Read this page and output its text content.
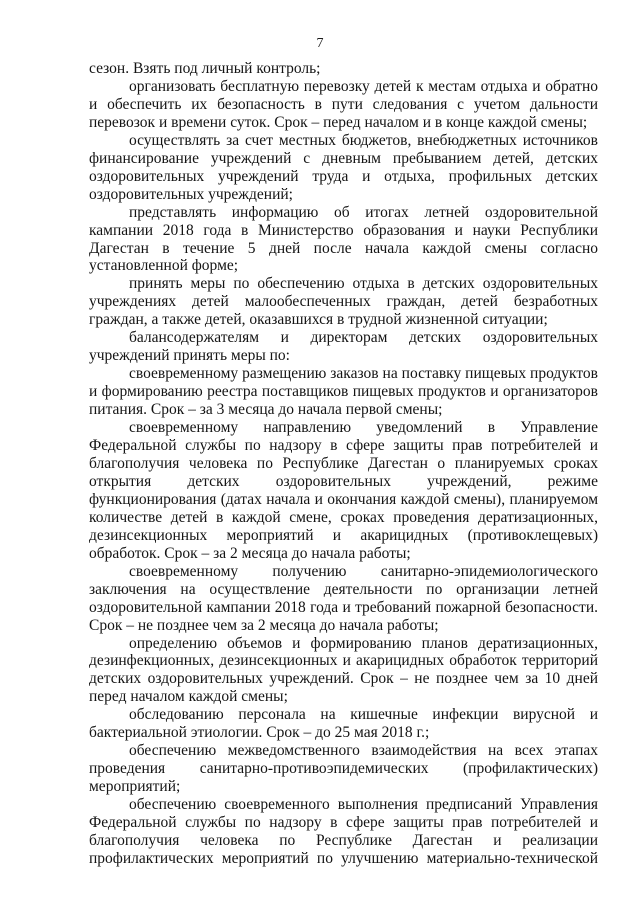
7

сезон. Взять под личный контроль;

организовать бесплатную перевозку детей к местам отдыха и обратно и обеспечить их безопасность в пути следования с учетом дальности перевозок и времени суток. Срок – перед началом и в конце каждой смены;

осуществлять за счет местных бюджетов, внебюджетных источников финансирование учреждений с дневным пребыванием детей, детских оздоровительных учреждений труда и отдыха, профильных детских оздоровительных учреждений;

представлять информацию об итогах летней оздоровительной кампании 2018 года в Министерство образования и науки Республики Дагестан в течение 5 дней после начала каждой смены согласно установленной форме;

принять меры по обеспечению отдыха в детских оздоровительных учреждениях детей малообеспеченных граждан, детей безработных граждан, а также детей, оказавшихся в трудной жизненной ситуации;

балансодержателям и директорам детских оздоровительных учреждений принять меры по:

своевременному размещению заказов на поставку пищевых продуктов и формированию реестра поставщиков пищевых продуктов и организаторов питания. Срок – за 3 месяца до начала первой смены;

своевременному направлению уведомлений в Управление Федеральной службы по надзору в сфере защиты прав потребителей и благополучия человека по Республике Дагестан о планируемых сроках открытия детских оздоровительных учреждений, режиме функционирования (датах начала и окончания каждой смены), планируемом количестве детей в каждой смене, сроках проведения дератизационных, дезинсекционных мероприятий и акарицидных (противоклещевых) обработок. Срок – за 2 месяца до начала работы;

своевременному получению санитарно-эпидемиологического заключения на осуществление деятельности по организации летней оздоровительной кампании 2018 года и требований пожарной безопасности. Срок – не позднее чем за 2 месяца до начала работы;

определению объемов и формированию планов дератизационных, дезинфекционных, дезинсекционных и акарицидных обработок территорий детских оздоровительных учреждений. Срок – не позднее чем за 10 дней перед началом каждой смены;

обследованию персонала на кишечные инфекции вирусной и бактериальной этиологии. Срок – до 25 мая 2018 г.;

обеспечению межведомственного взаимодействия на всех этапах проведения санитарно-противоэпидемических (профилактических) мероприятий;

обеспечению своевременного выполнения предписаний Управления Федеральной службы по надзору в сфере защиты прав потребителей и благополучия человека по Республике Дагестан и реализации профилактических мероприятий по улучшению материально-технической
